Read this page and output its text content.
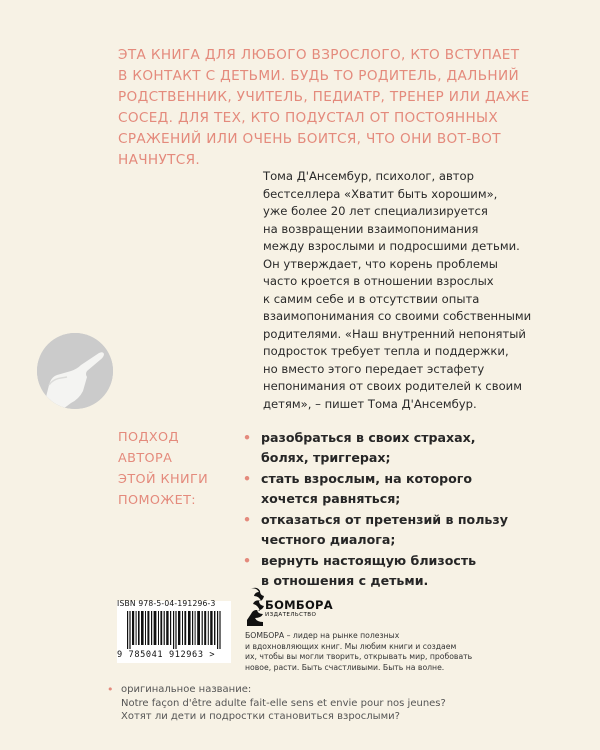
ЭТА КНИГА ДЛЯ ЛЮБОГО ВЗРОСЛОГО, КТО ВСТУПАЕТ
В КОНТАКТ С ДЕТЬМИ. БУДЬ ТО РОДИТЕЛЬ, ДАЛЬНИЙ
РОДСТВЕННИК, УЧИТЕЛЬ, ПЕДИАТР, ТРЕНЕР ИЛИ ДАЖЕ
СОСЕД. ДЛЯ ТЕХ, КТО ПОДУСТАЛ ОТ ПОСТОЯННЫХ
СРАЖЕНИЙ ИЛИ ОЧЕНЬ БОИТСЯ, ЧТО ОНИ ВОТ-ВОТ
НАЧНУТСЯ.
Тома Д'Ансембур, психолог, автор
бестселлера «Хватит быть хорошим»,
уже более 20 лет специализируется
на возвращении взаимопонимания
между взрослыми и подросшими детьми.
Он утверждает, что корень проблемы
часто кроется в отношении взрослых
к самим себе и в отсутствии опыта
взаимопонимания со своими собственными
родителями. «Наш внутренний непонятый
подросток требует тепла и поддержки,
но вместо этого передает эстафету
непонимания от своих родителей к своим
детям», – пишет Тома Д'Ансембур.
ПОДХОД
АВТОРА
ЭТОЙ КНИГИ
ПОМОЖЕТ:
• разобраться в своих страхах,
болях, триггерах;
• стать взрослым, на которого
хочется равняться;
• отказаться от претензий в пользу
честного диалога;
• вернуть настоящую близость
в отношения с детьми.
ISBN 978-5-04-191296-3
9 785041 912963 >
БОМБОРА
ИЗДАТЕЛЬСТВО
БОМБОРА – лидер на рынке полезных
и вдохновляющих книг. Мы любим книги и создаем
их, чтобы вы могли творить, открывать мир, пробовать
новое, расти. Быть счастливыми. Быть на волне.
• оригинальное название:
Notre façon d'être adulte fait-elle sens et envie pour nos jeunes?
Хотят ли дети и подростки становиться взрослыми?
